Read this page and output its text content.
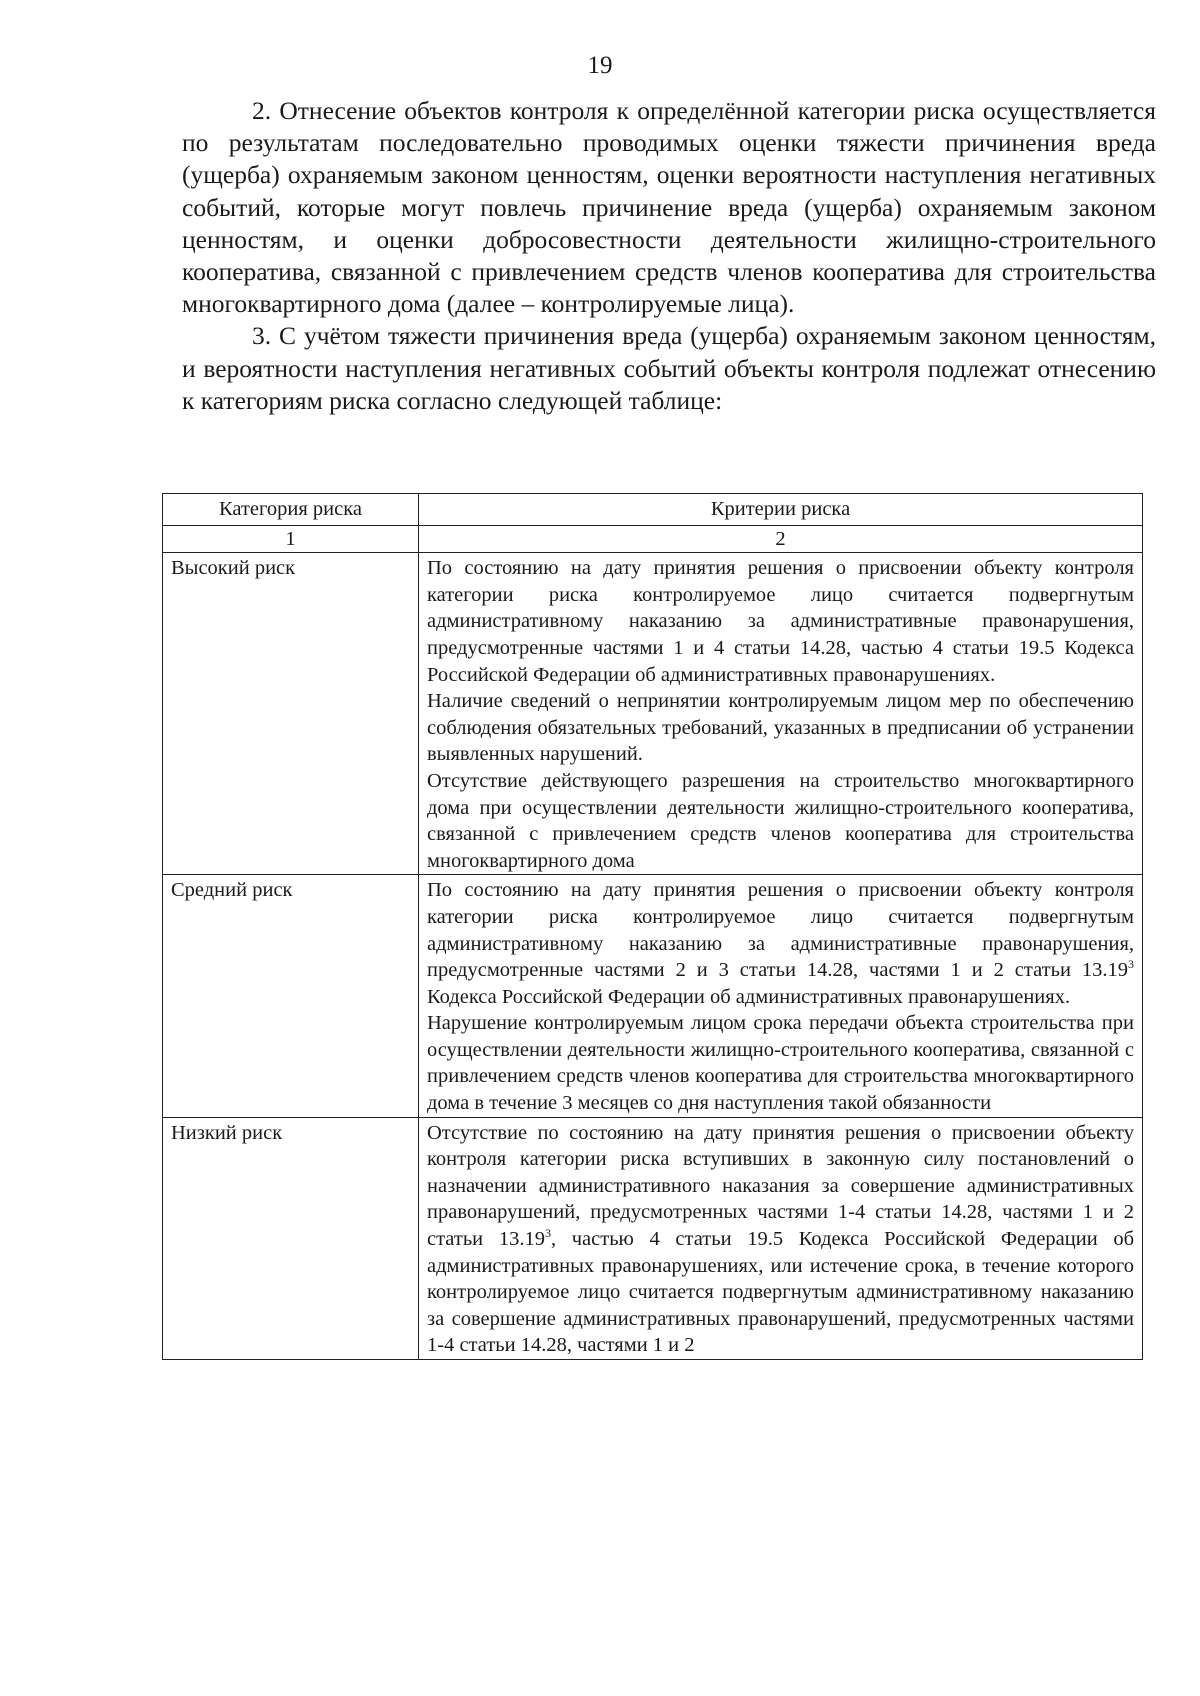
19

2. Отнесение объектов контроля к определённой категории риска осуществляется по результатам последовательно проводимых оценки тяжести причинения вреда (ущерба) охраняемым законом ценностям, оценки вероятности наступления негативных событий, которые могут повлечь причинение вреда (ущерба) охраняемым законом ценностям, и оценки добросовестности деятельности жилищно-строительного кооператива, связанной с привлечением средств членов кооператива для строительства многоквартирного дома (далее – контролируемые лица).

3. С учётом тяжести причинения вреда (ущерба) охраняемым законом ценностям, и вероятности наступления негативных событий объекты контроля подлежат отнесению к категориям риска согласно следующей таблице:

Категория риска	Критерии риска
1	2
Высокий риск	По состоянию на дату принятия решения о присвоении объекту контроля категории риска контролируемое лицо считается подвергнутым административному наказанию за административные правонарушения, предусмотренные частями 1 и 4 статьи 14.28, частью 4 статьи 19.5 Кодекса Российской Федерации об административных правонарушениях.

Наличие сведений о непринятии контролируемым лицом мер по обеспечению соблюдения обязательных требований, указанных в предписании об устранении выявленных нарушений.

Отсутствие действующего разрешения на строительство многоквартирного дома при осуществлении деятельности жилищно-строительного кооператива, связанной с привлечением средств членов кооператива для строительства многоквартирного дома

Средний риск	По состоянию на дату принятия решения о присвоении объекту контроля категории риска контролируемое лицо считается подвергнутым административному наказанию за административные правонарушения, предусмотренные частями 2 и 3 статьи 14.28, частями 1 и 2 статьи 13.19$^3$ Кодекса Российской Федерации об административных правонарушениях.

Нарушение контролируемым лицом срока передачи объекта строительства при осуществлении деятельности жилищно-строительного кооператива, связанной с привлечением средств членов кооператива для строительства многоквартирного дома в течение 3 месяцев со дня наступления такой обязанности

Низкий риск	Отсутствие по состоянию на дату принятия решения о присвоении объекту контроля категории риска вступивших в законную силу постановлений о назначении административного наказания за совершение административных правонарушений, предусмотренных частями 1-4 статьи 14.28, частями 1 и 2 статьи 13.19$^3$, частью 4 статьи 19.5 Кодекса Российской Федерации об административных правонарушениях, или истечение срока, в течение которого контролируемое лицо считается подвергнутым административному наказанию за совершение административных правонарушений, предусмотренных частями 1-4 статьи 14.28, частями 1 и 2
